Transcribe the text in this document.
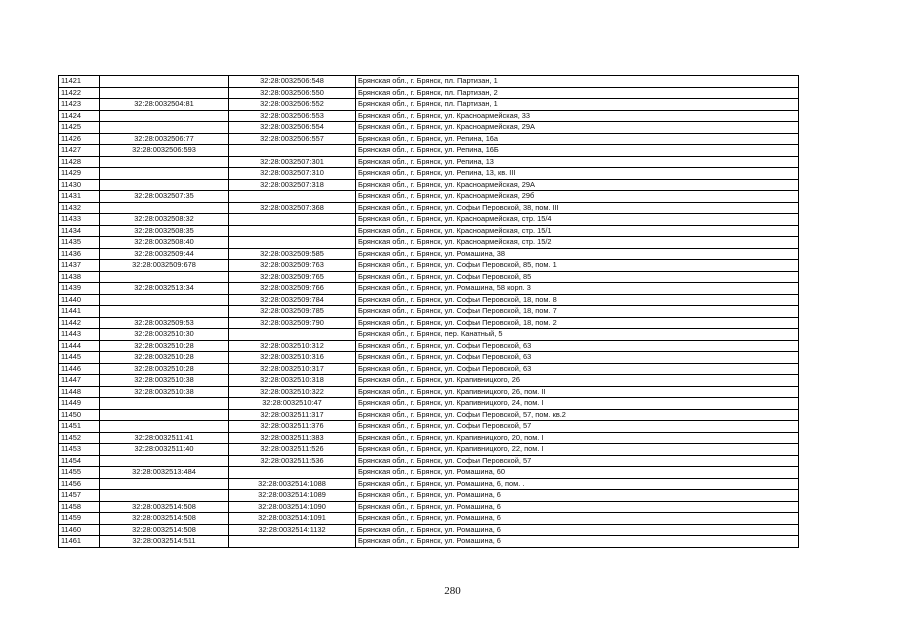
11421		32:28:0032506:548	Брянская обл., г. Брянск, пл. Партизан, 1
11422		32:28:0032506:550	Брянская обл., г. Брянск, пл. Партизан, 2
11423	32:28:0032504:81	32:28:0032506:552	Брянская обл., г. Брянск, пл. Партизан, 1
11424		32:28:0032506:553	Брянская обл., г. Брянск, ул. Красноармейская, 33
11425		32:28:0032506:554	Брянская обл., г. Брянск, ул. Красноармейская, 29А
11426	32:28:0032506:77	32:28:0032506:557	Брянская обл., г. Брянск, ул. Репина, 16а
11427	32:28:0032506:593		Брянская обл., г. Брянск, ул. Репина, 16Б
11428		32:28:0032507:301	Брянская обл., г. Брянск, ул. Репина, 13
11429		32:28:0032507:310	Брянская обл., г. Брянск, ул. Репина, 13, кв. III
11430		32:28:0032507:318	Брянская обл., г. Брянск, ул. Красноармейская, 29А
11431	32:28:0032507:35		Брянская обл., г. Брянск, ул. Красноармейская, 29б
11432		32:28:0032507:368	Брянская обл., г. Брянск, ул. Софьи Перовской, 38, пом. III
11433	32:28:0032508:32		Брянская обл., г. Брянск, ул. Красноармейская, стр. 15/4
11434	32:28:0032508:35		Брянская обл., г. Брянск, ул. Красноармейская, стр. 15/1
11435	32:28:0032508:40		Брянская обл., г. Брянск, ул. Красноармейская, стр. 15/2
11436	32:28:0032509:44	32:28:0032509:585	Брянская обл., г. Брянск, ул. Ромашина, 38
11437	32:28:0032509:678	32:28:0032509:763	Брянская обл., г. Брянск, ул. Софьи Перовской, 85, пом. 1
11438		32:28:0032509:765	Брянская обл., г. Брянск, ул. Софьи Перовской, 85
11439	32:28:0032513:34	32:28:0032509:766	Брянская обл., г. Брянск, ул. Ромашина, 58 корп. 3
11440		32:28:0032509:784	Брянская обл., г. Брянск, ул. Софьи Перовской, 18, пом. 8
11441		32:28:0032509:785	Брянская обл., г. Брянск, ул. Софьи Перовской, 18, пом. 7
11442	32:28:0032509:53	32:28:0032509:790	Брянская обл., г. Брянск, ул. Софьи Перовской, 18, пом. 2
11443	32:28:0032510:30		Брянская обл., г. Брянск, пер. Канатный, 5
11444	32:28:0032510:28	32:28:0032510:312	Брянская обл., г. Брянск, ул. Софьи Перовской, 63
11445	32:28:0032510:28	32:28:0032510:316	Брянская обл., г. Брянск, ул. Софьи Перовской, 63
11446	32:28:0032510:28	32:28:0032510:317	Брянская обл., г. Брянск, ул. Софьи Перовской, 63
11447	32:28:0032510:38	32:28:0032510:318	Брянская обл., г. Брянск, ул. Крапивницкого, 26
11448	32:28:0032510:38	32:28:0032510:322	Брянская обл., г. Брянск, ул. Крапивницкого, 26, пом. II
11449		32:28:0032510:47	Брянская обл., г. Брянск, ул. Крапивницкого, 24, пом. I
11450		32:28:0032511:317	Брянская обл., г. Брянск, ул. Софьи Перовской, 57, пом. кв.2
11451		32:28:0032511:376	Брянская обл., г. Брянск, ул. Софьи Перовской, 57
11452	32:28:0032511:41	32:28:0032511:383	Брянская обл., г. Брянск, ул. Крапивницкого, 20, пом. I
11453	32:28:0032511:40	32:28:0032511:526	Брянская обл., г. Брянск, ул. Крапивницкого, 22, пом. I
11454		32:28:0032511:536	Брянская обл., г. Брянск, ул. Софьи Перовской, 57
11455	32:28:0032513:484		Брянская обл., г. Брянск, ул. Ромашина, 60
11456		32:28:0032514:1088	Брянская обл., г. Брянск, ул. Ромашина, 6, пом. .
11457		32:28:0032514:1089	Брянская обл., г. Брянск, ул. Ромашина, 6
11458	32:28:0032514:508	32:28:0032514:1090	Брянская обл., г. Брянск, ул. Ромашина, 6
11459	32:28:0032514:508	32:28:0032514:1091	Брянская обл., г. Брянск, ул. Ромашина, 6
11460	32:28:0032514:508	32:28:0032514:1132	Брянская обл., г. Брянск, ул. Ромашина, 6
11461	32:28:0032514:511		Брянская обл., г. Брянск, ул. Ромашина, 6
280
